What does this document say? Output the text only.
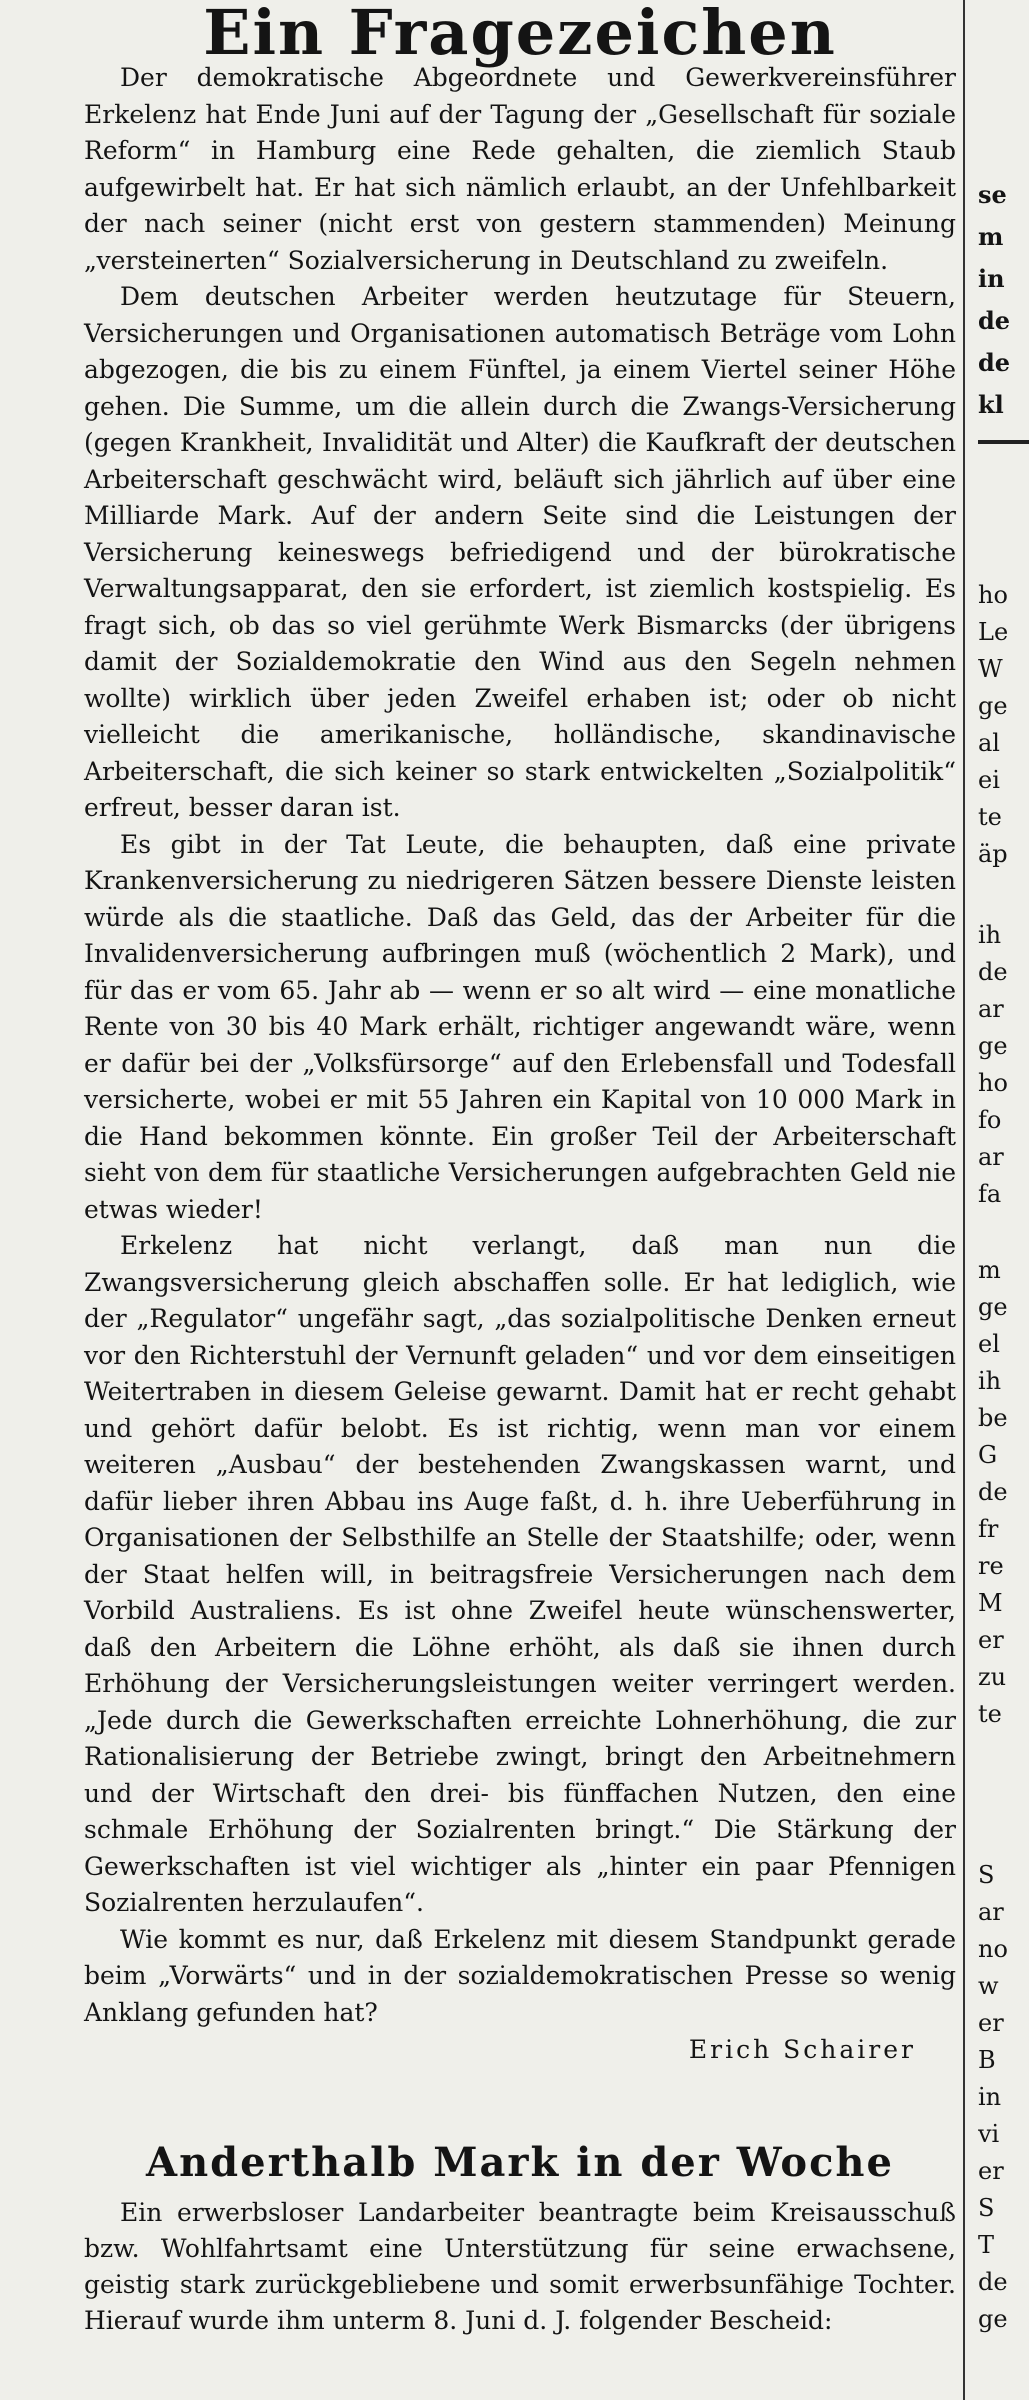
Ein Fragezeichen

Der demokratische Abgeordnete und Gewerkvereinsführer Erkelenz hat Ende Juni auf der Tagung der „Gesellschaft für soziale Reform“ in Hamburg eine Rede gehalten, die ziemlich Staub aufgewirbelt hat. Er hat sich nämlich erlaubt, an der Unfehlbarkeit der nach seiner (nicht erst von gestern stammenden) Meinung „versteinerten“ Sozialversicherung in Deutschland zu zweifeln.

Dem deutschen Arbeiter werden heutzutage für Steuern, Versicherungen und Organisationen automatisch Beträge vom Lohn abgezogen, die bis zu einem Fünftel, ja einem Viertel seiner Höhe gehen. Die Summe, um die allein durch die Zwangs-Versicherung (gegen Krankheit, Invalidität und Alter) die Kaufkraft der deutschen Arbeiterschaft geschwächt wird, beläuft sich jährlich auf über eine Milliarde Mark. Auf der andern Seite sind die Leistungen der Versicherung keineswegs befriedigend und der bürokratische Verwaltungsapparat, den sie erfordert, ist ziemlich kostspielig. Es fragt sich, ob das so viel gerühmte Werk Bismarcks (der übrigens damit der Sozialdemokratie den Wind aus den Segeln nehmen wollte) wirklich über jeden Zweifel erhaben ist; oder ob nicht vielleicht die amerikanische, holländische, skandinavische Arbeiterschaft, die sich keiner so stark entwickelten „Sozialpolitik“ erfreut, besser daran ist.

Es gibt in der Tat Leute, die behaupten, daß eine private Krankenversicherung zu niedrigeren Sätzen bessere Dienste leisten würde als die staatliche. Daß das Geld, das der Arbeiter für die Invalidenversicherung aufbringen muß (wöchentlich 2 Mark), und für das er vom 65. Jahr ab — wenn er so alt wird — eine monatliche Rente von 30 bis 40 Mark erhält, richtiger angewandt wäre, wenn er dafür bei der „Volksfürsorge“ auf den Erlebensfall und Todesfall versicherte, wobei er mit 55 Jahren ein Kapital von 10 000 Mark in die Hand bekommen könnte. Ein großer Teil der Arbeiterschaft sieht von dem für staatliche Versicherungen aufgebrachten Geld nie etwas wieder!

Erkelenz hat nicht verlangt, daß man nun die Zwangsversicherung gleich abschaffen solle. Er hat lediglich, wie der „Regulator“ ungefähr sagt, „das sozialpolitische Denken erneut vor den Richterstuhl der Vernunft geladen“ und vor dem einseitigen Weitertraben in diesem Geleise gewarnt. Damit hat er recht gehabt und gehört dafür belobt. Es ist richtig, wenn man vor einem weiteren „Ausbau“ der bestehenden Zwangskassen warnt, und dafür lieber ihren Abbau ins Auge faßt, d. h. ihre Ueberführung in Organisationen der Selbsthilfe an Stelle der Staatshilfe; oder, wenn der Staat helfen will, in beitragsfreie Versicherungen nach dem Vorbild Australiens. Es ist ohne Zweifel heute wünschenswerter, daß den Arbeitern die Löhne erhöht, als daß sie ihnen durch Erhöhung der Versicherungsleistungen weiter verringert werden. „Jede durch die Gewerkschaften erreichte Lohnerhöhung, die zur Rationalisierung der Betriebe zwingt, bringt den Arbeitnehmern und der Wirtschaft den drei- bis fünffachen Nutzen, den eine schmale Erhöhung der Sozialrenten bringt.“ Die Stärkung der Gewerkschaften ist viel wichtiger als „hinter ein paar Pfennigen Sozialrenten herzulaufen“.

Wie kommt es nur, daß Erkelenz mit diesem Standpunkt gerade beim „Vorwärts“ und in der sozialdemokratischen Presse so wenig Anklang gefunden hat?

Erich Schairer

Anderthalb Mark in der Woche

Ein erwerbsloser Landarbeiter beantragte beim Kreisausschuß bzw. Wohlfahrtsamt eine Unterstützung für seine erwachsene, geistig stark zurückgebliebene und somit erwerbsunfähige Tochter. Hierauf wurde ihm unterm 8. Juni d. J. folgender Bescheid:

se
m
in
de
de
kl
ho
Le
W
ge
al
ei
te
äp
ih
de
ar
ge
ho
fo
ar
fa
m
ge
el
ih
be
G
de
fr
re
M
er
zu
te
S
ar
no
w
er
B
in
vi
er
S
T
de
ge
